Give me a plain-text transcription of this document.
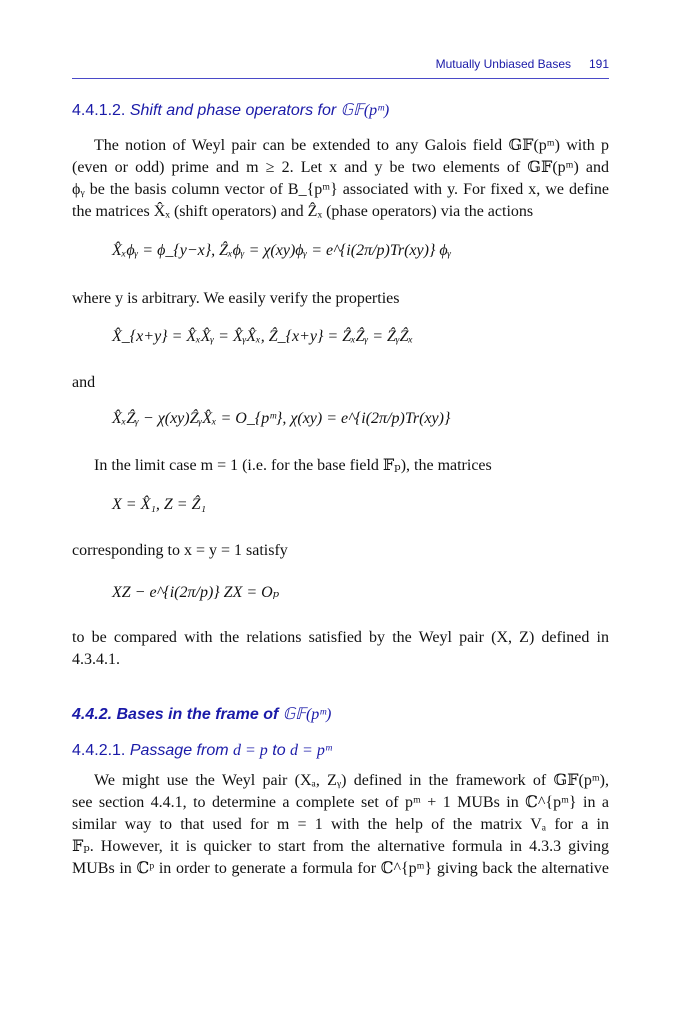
Mutually Unbiased Bases 191
4.4.1.2. Shift and phase operators for 𝔾𝔽(pᵐ)
The notion of Weyl pair can be extended to any Galois field 𝔾𝔽(pᵐ) with p
(even or odd) prime and m ≥ 2. Let x and y be two elements of 𝔾𝔽(pᵐ) and
ϕᵧ be the basis column vector of B_{pᵐ} associated with y. For fixed x, we define
the matrices X̂ₓ (shift operators) and Ẑₓ (phase operators) via the actions
X̂ₓϕᵧ = ϕ_{y−x}, Ẑₓϕᵧ = χ(xy)ϕᵧ = e^{i(2π/p)Tr(xy)} ϕᵧ
where y is arbitrary. We easily verify the properties
X̂_{x+y} = X̂ₓX̂ᵧ = X̂ᵧX̂ₓ, Ẑ_{x+y} = ẐₓẐᵧ = ẐᵧẐₓ
and
X̂ₓẐᵧ − χ(xy)ẐᵧX̂ₓ = O_{pᵐ}, χ(xy) = e^{i(2π/p)Tr(xy)}
In the limit case m = 1 (i.e. for the base field 𝔽ₚ), the matrices
X = X̂₁, Z = Ẑ₁
corresponding to x = y = 1 satisfy
XZ − e^{i(2π/p)} ZX = Oₚ
to be compared with the relations satisfied by the Weyl pair (X, Z) defined in
4.3.4.1.
4.4.2. Bases in the frame of 𝔾𝔽(pᵐ)
4.4.2.1. Passage from d = p to d = pᵐ
We might use the Weyl pair (Xₐ, Zᵧ) defined in the framework of 𝔾𝔽(pᵐ),
see section 4.4.1, to determine a complete set of pᵐ + 1 MUBs in ℂ^{pᵐ} in a
similar way to that used for m = 1 with the help of the matrix Vₐ for a in
𝔽ₚ. However, it is quicker to start from the alternative formula in 4.3.3 giving
MUBs in ℂᵖ in order to generate a formula for ℂ^{pᵐ} giving back the alternative
